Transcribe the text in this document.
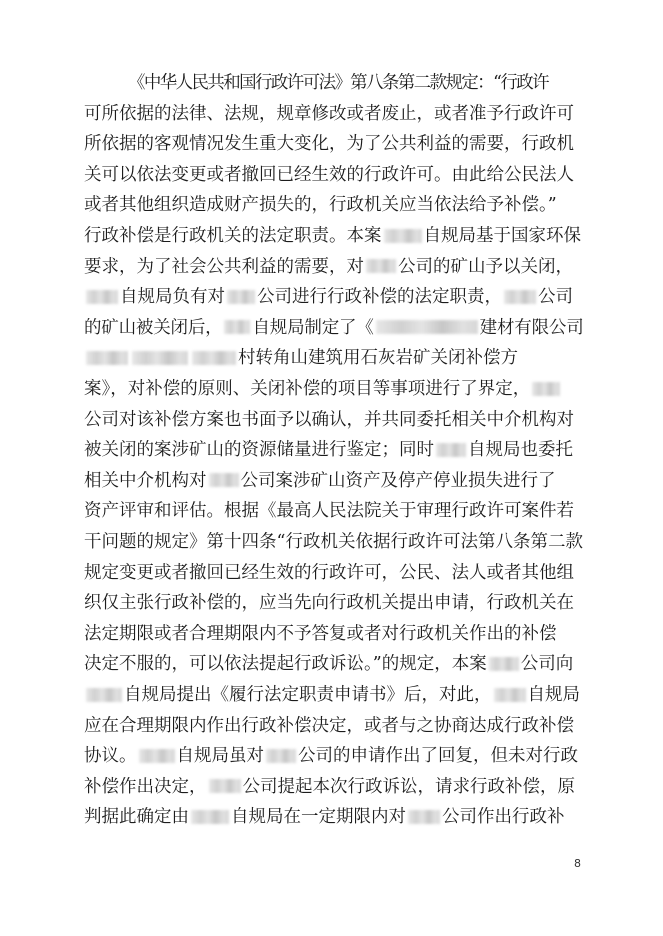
《中华人民共和国行政许可法》第八条第二款规定：“行政许
可所依据的法律、法规，规章修改或者废止，或者准予行政许可
所依据的客观情况发生重大变化，为了公共利益的需要，行政机
关可以依法变更或者撤回已经生效的行政许可。由此给公民法人
或者其他组织造成财产损失的，行政机关应当依法给予补偿。”
行政补偿是行政机关的法定职责。本案 自规局基于国家环保
要求，为了社会公共利益的需要，对 公司的矿山予以关闭，
自规局负有对 公司进行行政补偿的法定职责， 公司
的矿山被关闭后， 自规局制定了《	建材有限公司
村转角山建筑用石灰岩矿关闭补偿方
案》，对补偿的原则、关闭补偿的项目等事项进行了界定，
公司对该补偿方案也书面予以确认，并共同委托相关中介机构对
被关闭的案涉矿山的资源储量进行鉴定；同时 自规局也委托
相关中介机构对 公司案涉矿山资产及停产停业损失进行了
资产评审和评估。根据《最高人民法院关于审理行政许可案件若
干问题的规定》第十四条“行政机关依据行政许可法第八条第二款
规定变更或者撤回已经生效的行政许可，公民、法人或者其他组
织仅主张行政补偿的，应当先向行政机关提出申请，行政机关在
法定期限或者合理期限内不予答复或者对行政机关作出的补偿
决定不服的，可以依法提起行政诉讼。”的规定，本案 公司向
自规局提出《履行法定职责申请书》后，对此， 自规局
应在合理期限内作出行政补偿决定，或者与之协商达成行政补偿
协议。 自规局虽对 公司的申请作出了回复，但未对行政
补偿作出决定， 公司提起本次行政诉讼，请求行政补偿，原
判据此确定由 自规局在一定期限内对 公司作出行政补
8
